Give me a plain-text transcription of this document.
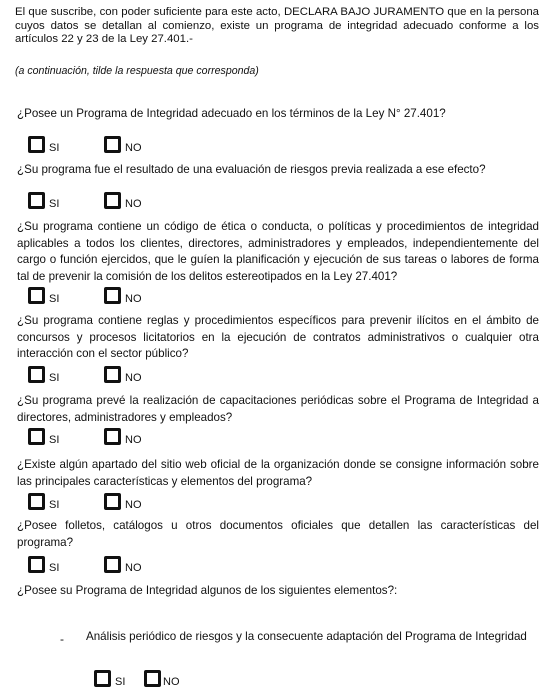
El que suscribe, con poder suficiente para este acto, DECLARA BAJO JURAMENTO que en la persona cuyos datos se detallan al comienzo, existe un programa de integridad adecuado conforme a los artículos 22 y 23 de la Ley 27.401.-
(a continuación, tilde la respuesta que corresponda)
¿Posee un Programa de Integridad adecuado en los términos de la Ley N° 27.401?
SI	NO
¿Su programa fue el resultado de una evaluación de riesgos previa realizada a ese efecto?
SI	NO
¿Su programa contiene un código de ética o conducta, o políticas y procedimientos de integridad aplicables a todos los clientes, directores, administradores y empleados, independientemente del cargo o función ejercidos, que le guíen la planificación y ejecución de sus tareas o labores de forma tal de prevenir la comisión de los delitos estereotipados en la Ley 27.401?
SI	NO
¿Su programa contiene reglas y procedimientos específicos para prevenir ilícitos en el ámbito de concursos y procesos licitatorios en la ejecución de contratos administrativos o cualquier otra interacción con el sector público?
SI	NO
¿Su programa prevé la realización de capacitaciones periódicas sobre el Programa de Integridad a directores, administradores y empleados?
SI	NO
¿Existe algún apartado del sitio web oficial de la organización donde se consigne información sobre las principales características y elementos del programa?
SI	NO
¿Posee folletos, catálogos u otros documentos oficiales que detallen las características del programa?
SI	NO
¿Posee su Programa de Integridad algunos de los siguientes elementos?:
- Análisis periódico de riesgos y la consecuente adaptación del Programa de Integridad
SI	NO
